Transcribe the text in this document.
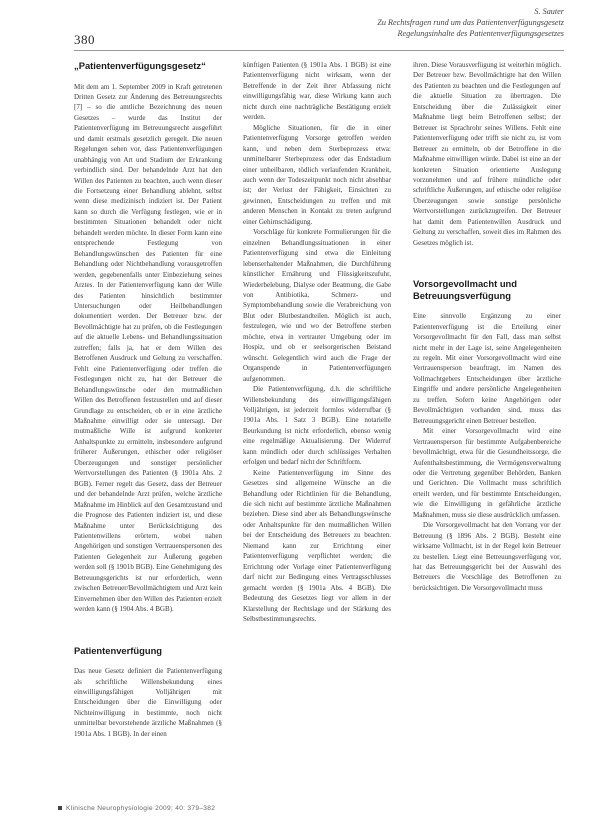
380
S. Sauter
Zu Rechtsfragen rund um das Patientenverfügungsgesetz
Regelungsinhalte des Patientenverfügungsgesetzes
„Patientenverfügungsgesetz“

Mit dem am 1. September 2009 in Kraft getretenen Dritten Gesetz zur Änderung des Betreuungsrechts [7] – so die amtliche Bezeichnung des neuen Gesetzes – wurde das Institut der Patientenverfügung im Betreuungsrecht ausgeführt und damit erstmals gesetzlich geregelt. Die neuen Regelungen sehen vor, dass Patientenverfügungen unabhängig von Art und Stadium der Erkrankung verbindlich sind. Der behandelnde Arzt hat den Willen des Patienten zu beachten, auch wenn dieser die Fortsetzung einer Behandlung ablehnt, selbst wenn diese medizinisch indiziert ist. Der Patient kann so durch die Verfügung festlegen, wie er in bestimmten Situationen behandelt oder nicht behandelt werden möchte. In dieser Form kann eine entsprechende Festlegung von Behandlungswünschen des Patienten für eine Behandlung oder Nichtbehandlung vorausgetroffen werden, gegebenenfalls unter Einbeziehung seines Arztes. In der Patientenverfügung kann der Wille des Patienten hinsichtlich bestimmter Untersuchungen oder Heilbehandlungen dokumentiert werden. Der Betreuer bzw. der Bevollmächtigte hat zu prüfen, ob die Festlegungen auf die aktuelle Lebens- und Behandlungssituation zutreffen; falls ja, hat er dem Willen des Betroffenen Ausdruck und Geltung zu verschaffen. Fehlt eine Patientenverfügung oder treffen die Festlegungen nicht zu, hat der Betreuer die Behandlungswünsche oder den mutmaßlichen Willen des Betroffenen festzustellen und auf dieser Grundlage zu entscheiden, ob er in eine ärztliche Maßnahme einwilligt oder sie untersagt. Der mutmaßliche Wille ist aufgrund konkreter Anhaltspunkte zu ermitteln, insbesondere aufgrund früherer Äußerungen, ethischer oder religiöser Überzeugungen und sonstiger persönlicher Wertvorstellungen des Patienten (§ 1901a Abs. 2 BGB). Ferner regelt das Gesetz, dass der Betreuer und der behandelnde Arzt prüfen, welche ärztliche Maßnahme im Hinblick auf den Gesamtzustand und die Prognose des Patienten indiziert ist, und diese Maßnahme unter Berücksichtigung des Patientenwillens erörtern, wobei nahen Angehörigen und sonstigen Vertrauenspersonen des Patienten Gelegenheit zur Äußerung gegeben werden soll (§ 1901b BGB). Eine Genehmigung des Betreuungsgerichts ist nur erforderlich, wenn zwischen Betreuer/Bevollmächtigtem und Arzt kein Einvernehmen über den Willen des Patienten erzielt werden kann (§ 1904 Abs. 4 BGB).

Patientenverfügung

Das neue Gesetz definiert die Patientenverfügung als schriftliche Willensbekundung eines einwilligungsfähigen Volljährigen mit Entscheidungen über die Einwilligung oder Nichteinwilligung in bestimmte, noch nicht unmittelbar bevorstehende ärztliche Maßnahmen (§ 1901a Abs. 1 BGB). In der einen

künftigen Patienten (§ 1901a Abs. 1 BGB) ist eine Patientenverfügung nicht wirksam, wenn der Betreffende in der Zeit ihrer Abfassung nicht einwilligungsfähig war, diese Wirkung kann auch nicht durch eine nachträgliche Bestätigung erzielt werden.

Mögliche Situationen, für die in einer Patientenverfügung Vorsorge getroffen werden kann, und neben dem Sterbeprozess etwa: unmittelbarer Sterbeprozess oder das Endstadium einer unheilbaren, tödlich verlaufenden Krankheit, auch wenn der Todeszeitpunkt noch nicht absehbar ist; der Verlust der Fähigkeit, Einsichten zu gewinnen, Entscheidungen zu treffen und mit anderen Menschen in Kontakt zu treten aufgrund einer Gehirnschädigung.

Vorschläge für konkrete Formulierungen für die einzelnen Behandlungssituationen in einer Patientenverfügung sind etwa die Einleitung lebenserhaltender Maßnahmen, die Durchführung künstlicher Ernährung und Flüssigkeitszufuhr, Wiederbelebung, Dialyse oder Beatmung, die Gabe von Antibiotika, Schmerz- und Symptombehandlung sowie die Verabreichung von Blut oder Blutbestandteilen. Möglich ist auch, festzulegen, wie und wo der Betroffene sterben möchte, etwa in vertrauter Umgebung oder im Hospiz, und ob er seelsorgerischen Beistand wünscht. Gelegentlich wird auch die Frage der Organspende in Patientenverfügungen aufgenommen.

Die Patientenverfügung, d.h. die schriftliche Willensbekundung des einwilligungsfähigen Volljährigen, ist jederzeit formlos widerrufbar (§ 1901a Abs. 1 Satz 3 BGB). Eine notarielle Beurkundung ist nicht erforderlich, ebenso wenig eine regelmäßige Aktualisierung. Der Widerruf kann mündlich oder durch schlüssiges Verhalten erfolgen und bedarf nicht der Schriftform.

Keine Patientenverfügung im Sinne des Gesetzes sind allgemeine Wünsche an die Behandlung oder Richtlinien für die Behandlung, die sich nicht auf bestimmte ärztliche Maßnahmen beziehen. Diese sind aber als Behandlungswünsche oder Anhaltspunkte für den mutmaßlichen Willen bei der Entscheidung des Betreuers zu beachten. Niemand kann zur Errichtung einer Patientenverfügung verpflichtet werden; die Errichtung oder Vorlage einer Patientenverfügung darf nicht zur Bedingung eines Vertragsschlusses gemacht werden (§ 1901a Abs. 4 BGB). Die Bedeutung des Gesetzes liegt vor allem in der Klarstellung der Rechtslage und der Stärkung des Selbstbestimmungsrechts.

ihren. Diese Vorausverfügung ist weiterhin möglich. Der Betreuer bzw. Bevollmächtigte hat den Willen des Patienten zu beachten und die Festlegungen auf die aktuelle Situation zu übertragen. Die Entscheidung über die Zulässigkeit einer Maßnahme liegt beim Betroffenen selbst; der Betreuer ist Sprachrohr seines Willens. Fehlt eine Patientenverfügung oder trifft sie nicht zu, ist vom Betreuer zu ermitteln, ob der Betroffene in die Maßnahme einwilligen würde. Dabei ist eine an der konkreten Situation orientierte Auslegung vorzunehmen und auf frühere mündliche oder schriftliche Äußerungen, auf ethische oder religiöse Überzeugungen sowie sonstige persönliche Wertvorstellungen zurückzugreifen. Der Betreuer hat damit dem Patientenwillen Ausdruck und Geltung zu verschaffen, soweit dies im Rahmen des Gesetzes möglich ist.

Vorsorgevollmacht und Betreuungsverfügung

Eine sinnvolle Ergänzung zu einer Patientenverfügung ist die Erteilung einer Vorsorgevollmacht für den Fall, dass man selbst nicht mehr in der Lage ist, seine Angelegenheiten zu regeln. Mit einer Vorsorgevollmacht wird eine Vertrauensperson beauftragt, im Namen des Vollmachtgebers Entscheidungen über ärztliche Eingriffe und andere persönliche Angelegenheiten zu treffen. Sofern keine Angehörigen oder Bevollmächtigten vorhanden sind, muss das Betreuungsgericht einen Betreuer bestellen.

Mit einer Vorsorgevollmacht wird eine Vertrauensperson für bestimmte Aufgabenbereiche bevollmächtigt, etwa für die Gesundheitssorge, die Aufenthaltsbestimmung, die Vermögensverwaltung oder die Vertretung gegenüber Behörden, Banken und Gerichten. Die Vollmacht muss schriftlich erteilt werden, und für bestimmte Entscheidungen, wie die Einwilligung in gefährliche ärztliche Maßnahmen, muss sie diese ausdrücklich umfassen.

Die Vorsorgevollmacht hat den Vorrang vor der Betreuung (§ 1896 Abs. 2 BGB). Besteht eine wirksame Vollmacht, ist in der Regel kein Betreuer zu bestellen. Liegt eine Betreuungsverfügung vor, hat das Betreuungsgericht bei der Auswahl des Betreuers die Vorschläge des Betroffenen zu berücksichtigen. Die Vorsorgevollmacht muss

Klinische Neurophysiologie 2009; 40: 379–382
